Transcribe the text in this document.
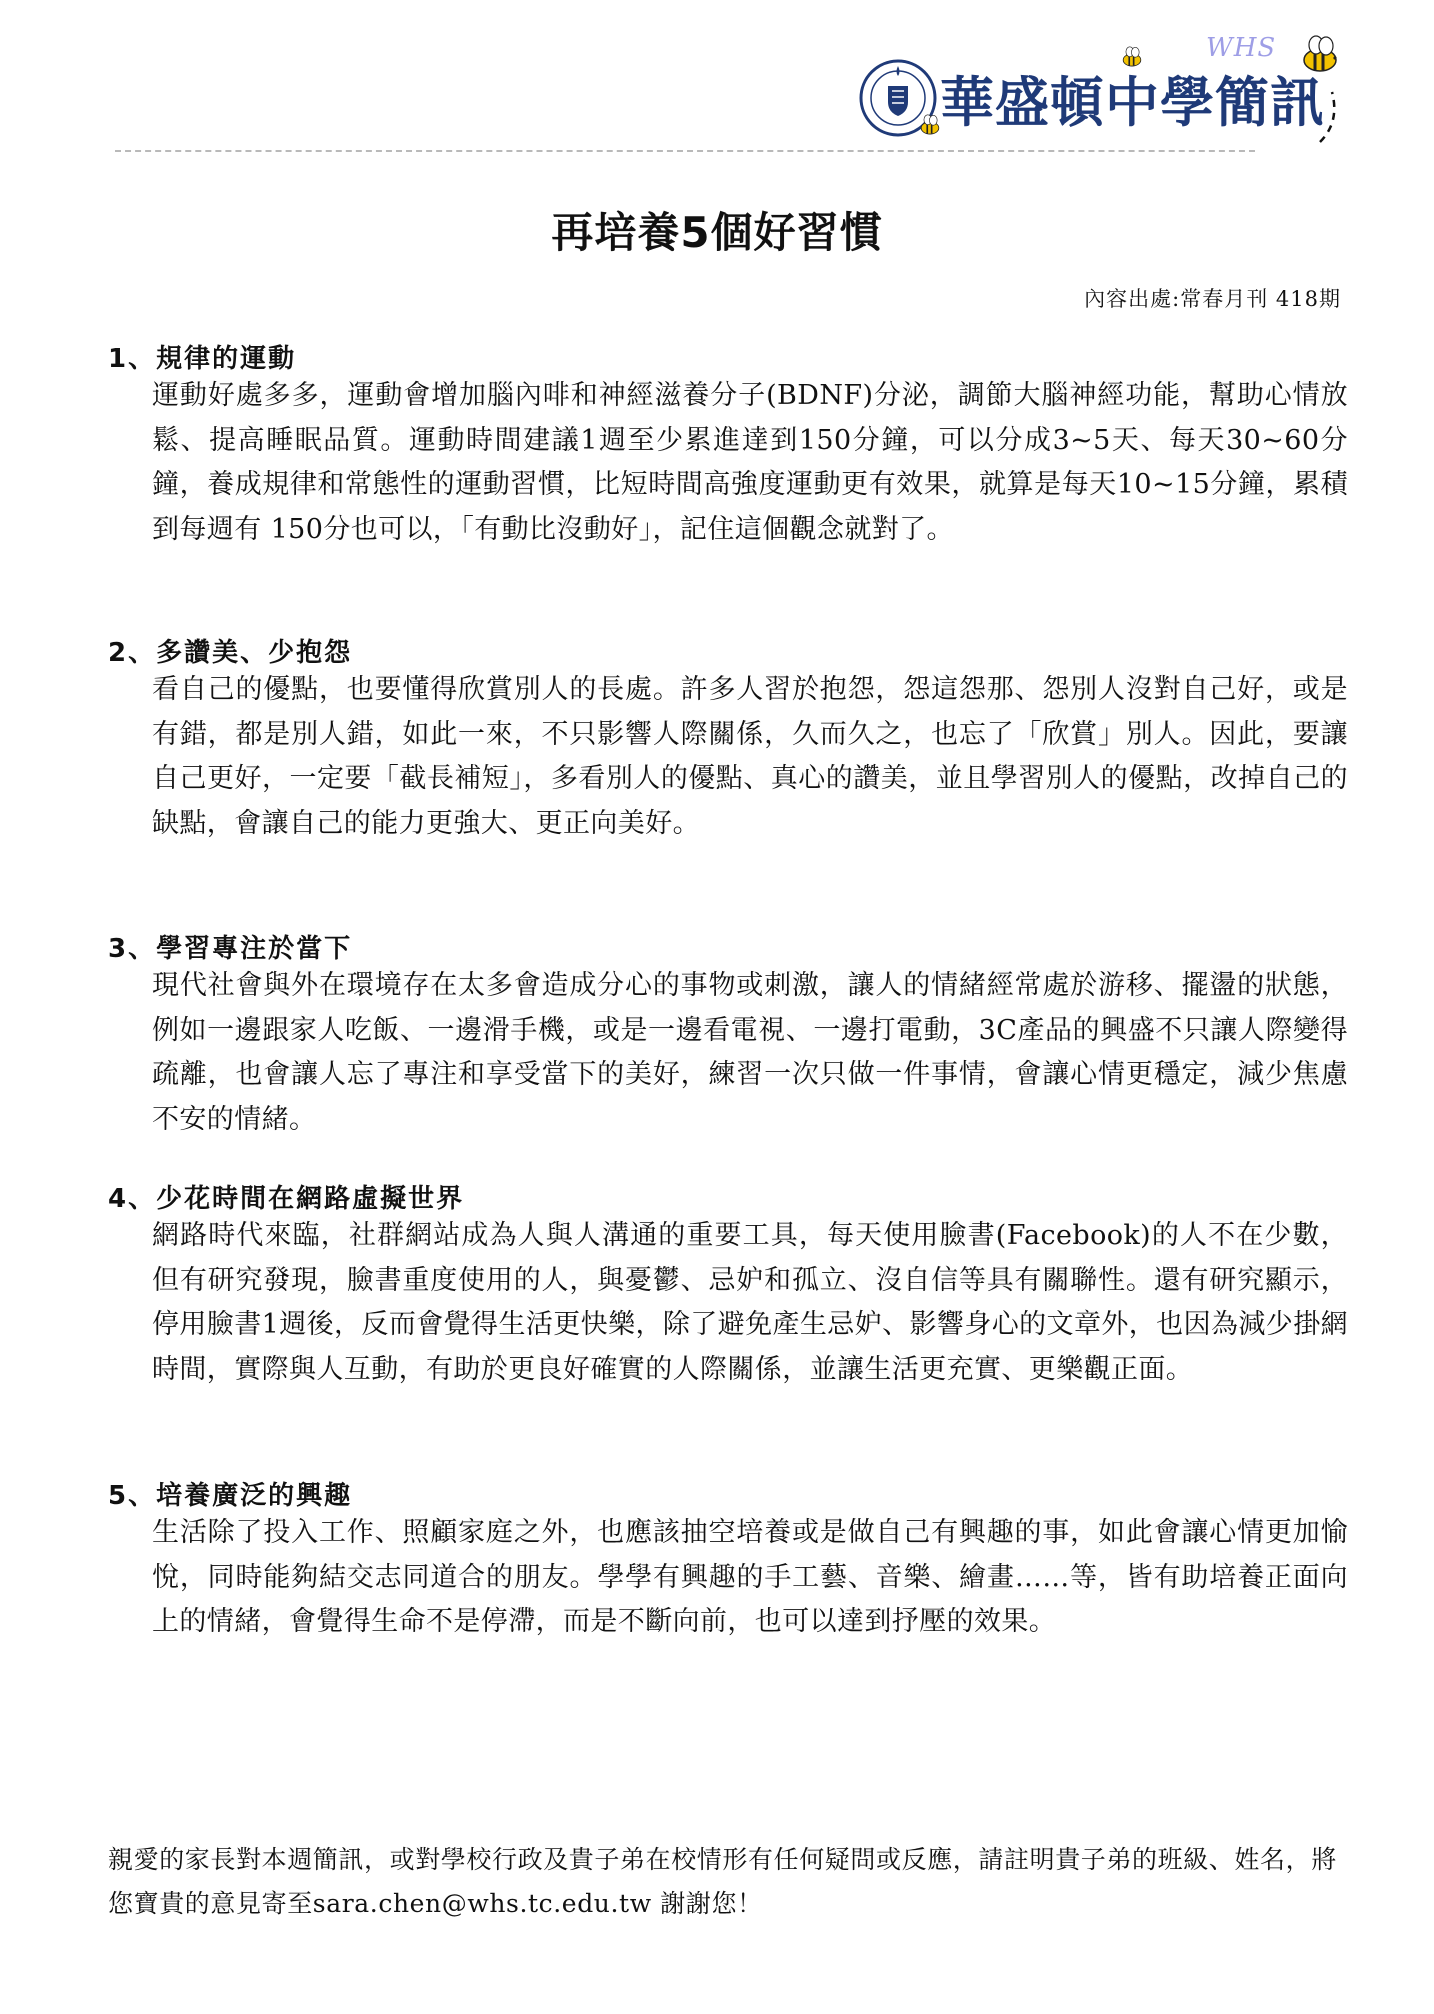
WHS
華盛頓中學簡訊
再培養5個好習慣
內容出處:常春月刊 418期
1、規律的運動

運動好處多多，運動會增加腦內啡和神經滋養分子(BDNF)分泌，調節大腦神經功能，幫助心情放鬆、提高睡眠品質。運動時間建議1週至少累進達到150分鐘，可以分成3~5天、每天30~60分鐘，養成規律和常態性的運動習慣，比短時間高強度運動更有效果，就算是每天10~15分鐘，累積到每週有 150分也可以，「有動比沒動好」，記住這個觀念就對了。

2、多讚美、少抱怨

看自己的優點，也要懂得欣賞別人的長處。許多人習於抱怨，怨這怨那、怨別人沒對自己好，或是有錯，都是別人錯，如此一來，不只影響人際關係，久而久之，也忘了「欣賞」別人。因此，要讓自己更好，一定要「截長補短」，多看別人的優點、真心的讚美，並且學習別人的優點，改掉自己的缺點，會讓自己的能力更強大、更正向美好。

3、學習專注於當下

現代社會與外在環境存在太多會造成分心的事物或刺激，讓人的情緒經常處於游移、擺盪的狀態，例如一邊跟家人吃飯、一邊滑手機，或是一邊看電視、一邊打電動，3C產品的興盛不只讓人際變得疏離，也會讓人忘了專注和享受當下的美好，練習一次只做一件事情，會讓心情更穩定，減少焦慮不安的情緒。

4、少花時間在網路虛擬世界

網路時代來臨，社群網站成為人與人溝通的重要工具，每天使用臉書(Facebook)的人不在少數，但有研究發現，臉書重度使用的人，與憂鬱、忌妒和孤立、沒自信等具有關聯性。還有研究顯示，停用臉書1週後，反而會覺得生活更快樂，除了避免產生忌妒、影響身心的文章外，也因為減少掛網時間，實際與人互動，有助於更良好確實的人際關係，並讓生活更充實、更樂觀正面。

5、培養廣泛的興趣

生活除了投入工作、照顧家庭之外，也應該抽空培養或是做自己有興趣的事，如此會讓心情更加愉悅，同時能夠結交志同道合的朋友。學學有興趣的手工藝、音樂、繪畫……等，皆有助培養正面向上的情緒，會覺得生命不是停滯，而是不斷向前，也可以達到抒壓的效果。

親愛的家長對本週簡訊，或對學校行政及貴子弟在校情形有任何疑問或反應，請註明貴子弟的班級、姓名，將您寶貴的意見寄至sara.chen@whs.tc.edu.tw 謝謝您！
